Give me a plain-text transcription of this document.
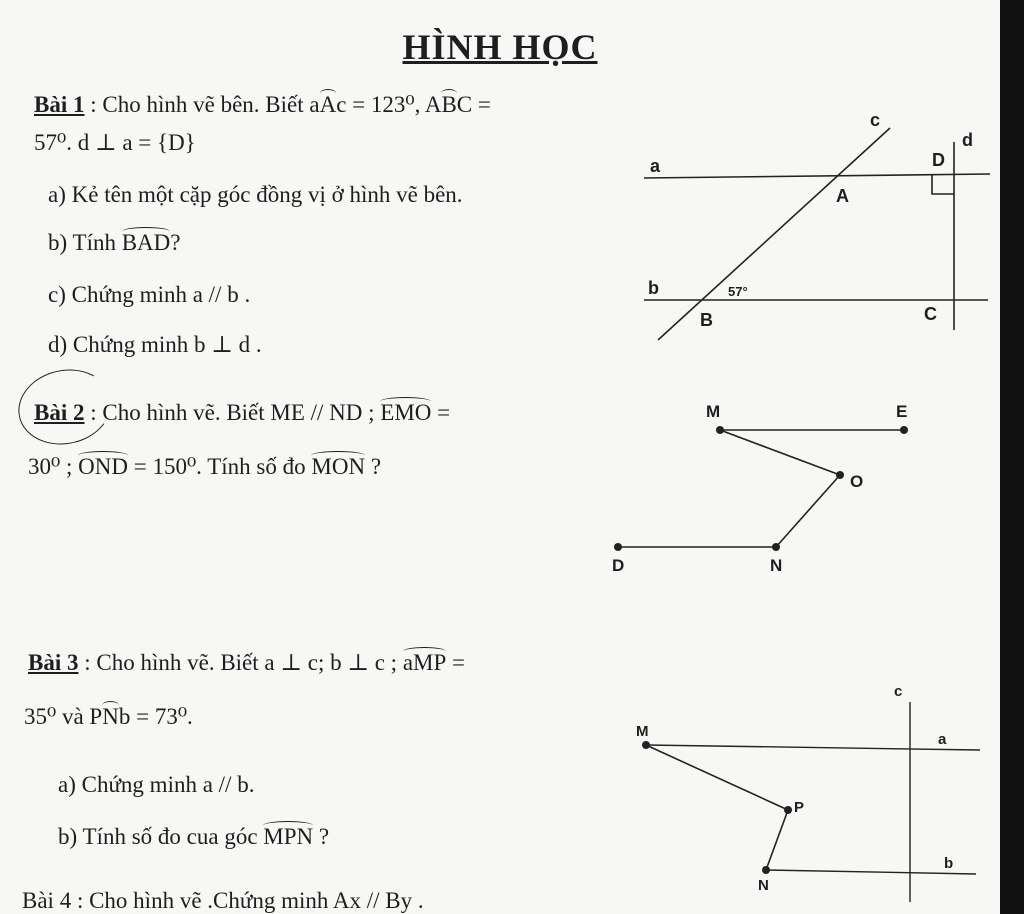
HÌNH HỌC
Bài 1 : Cho hình vẽ bên. Biết aAc = 123⁰, ABC =
57⁰. d ⊥ a = {D}
a) Kẻ tên một cặp góc đồng vị ở hình vẽ bên.
b) Tính BAD?
c) Chứng minh a // b .
d) Chứng minh b ⊥ d .
a
b
c
d
A
B	C
D
57°
Bài 2 : Cho hình vẽ. Biết ME // ND ; EMO =
30⁰ ; OND = 150⁰. Tính số đo MON ?
M	E
O
N
D
Bài 3 : Cho hình vẽ. Biết a ⊥ c; b ⊥ c ; aMP =
35⁰ và PNb = 73⁰.
a) Chứng minh a // b.
b) Tính số đo cua góc MPN ?
M
P
N
a
b
c
Bài 4 : Cho hình vẽ .Chứng minh Ax // By .
